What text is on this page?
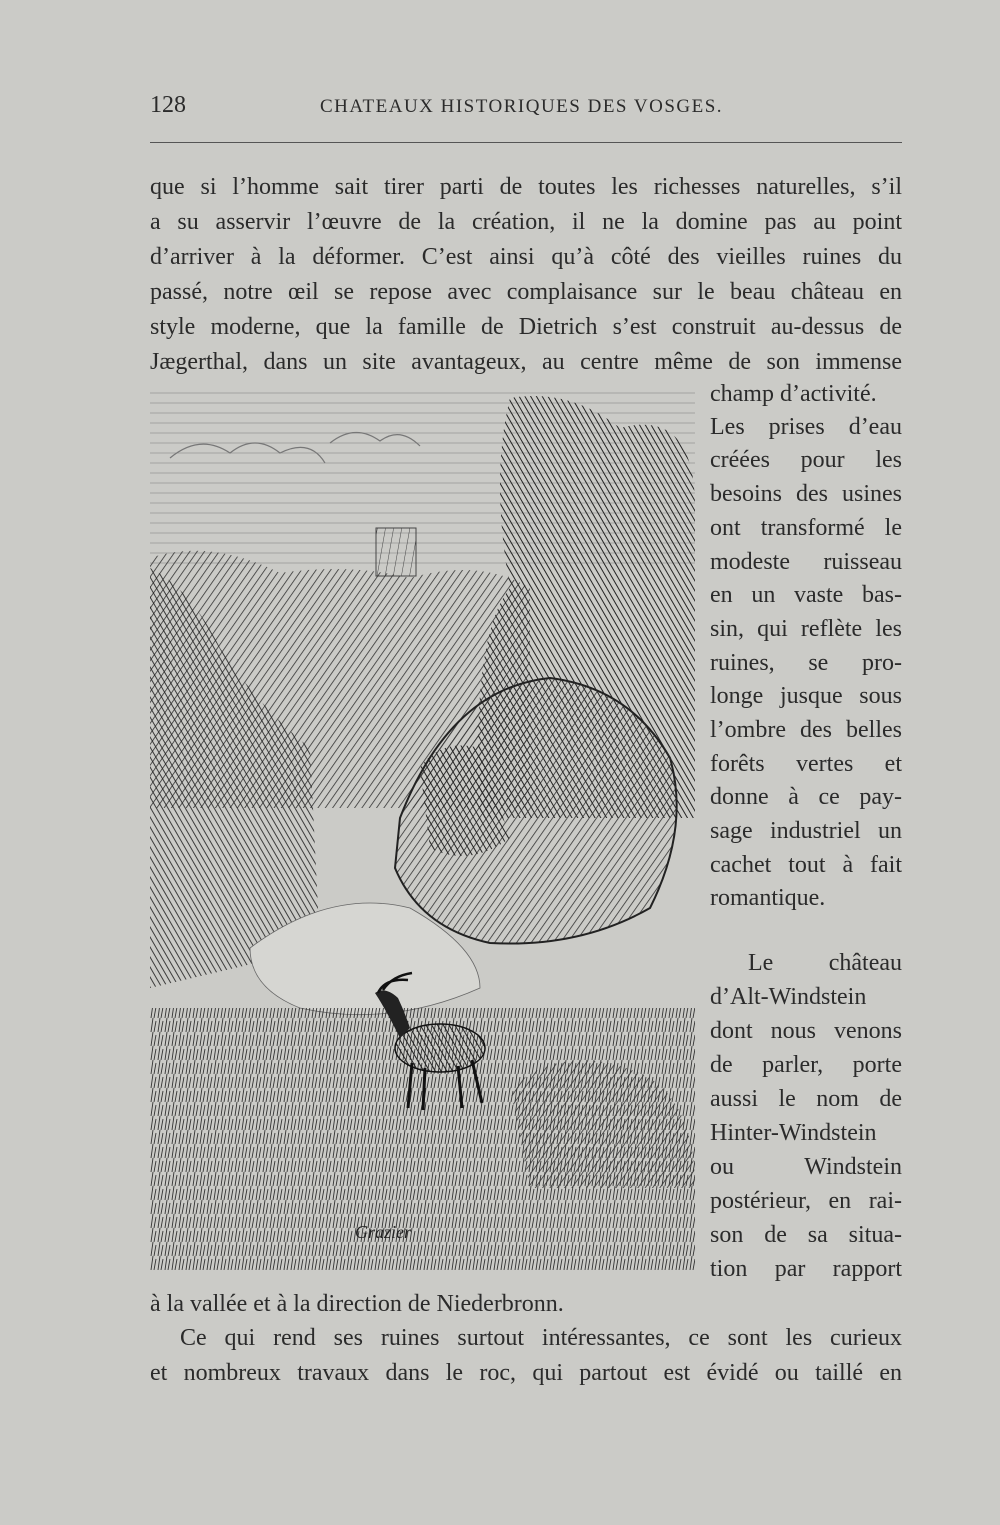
128	CHATEAUX HISTORIQUES DES VOSGES.
que si l’homme sait tirer parti de toutes les richesses naturelles, s’il
a su asservir l’œuvre de la création, il ne la domine pas au point
d’arriver à la déformer. C’est ainsi qu’à côté des vieilles ruines du
passé, notre œil se repose avec complaisance sur le beau château en
style moderne, que la famille de Dietrich s’est construit au-dessus de
Jægerthal, dans un site avantageux, au centre même de son immense
champ d’activité.
Les prises d’eau
créées pour les
besoins des usines
ont transformé le
modeste ruisseau
en un vaste bas-
sin, qui reflète les
ruines, se pro-
longe jusque sous
l’ombre des belles
forêts vertes et
donne à ce pay-
sage industriel un
cachet tout à fait
romantique.
Le château
d’Alt-Windstein
dont nous venons
de parler, porte
aussi le nom de
Hinter-Windstein
ou Windstein
postérieur, en rai-
son de sa situa-
tion par rapport
à la vallée et à la direction de Niederbronn.
Ce qui rend ses ruines surtout intéressantes, ce sont les curieux
et nombreux travaux dans le roc, qui partout est évidé ou taillé en
Grazier
